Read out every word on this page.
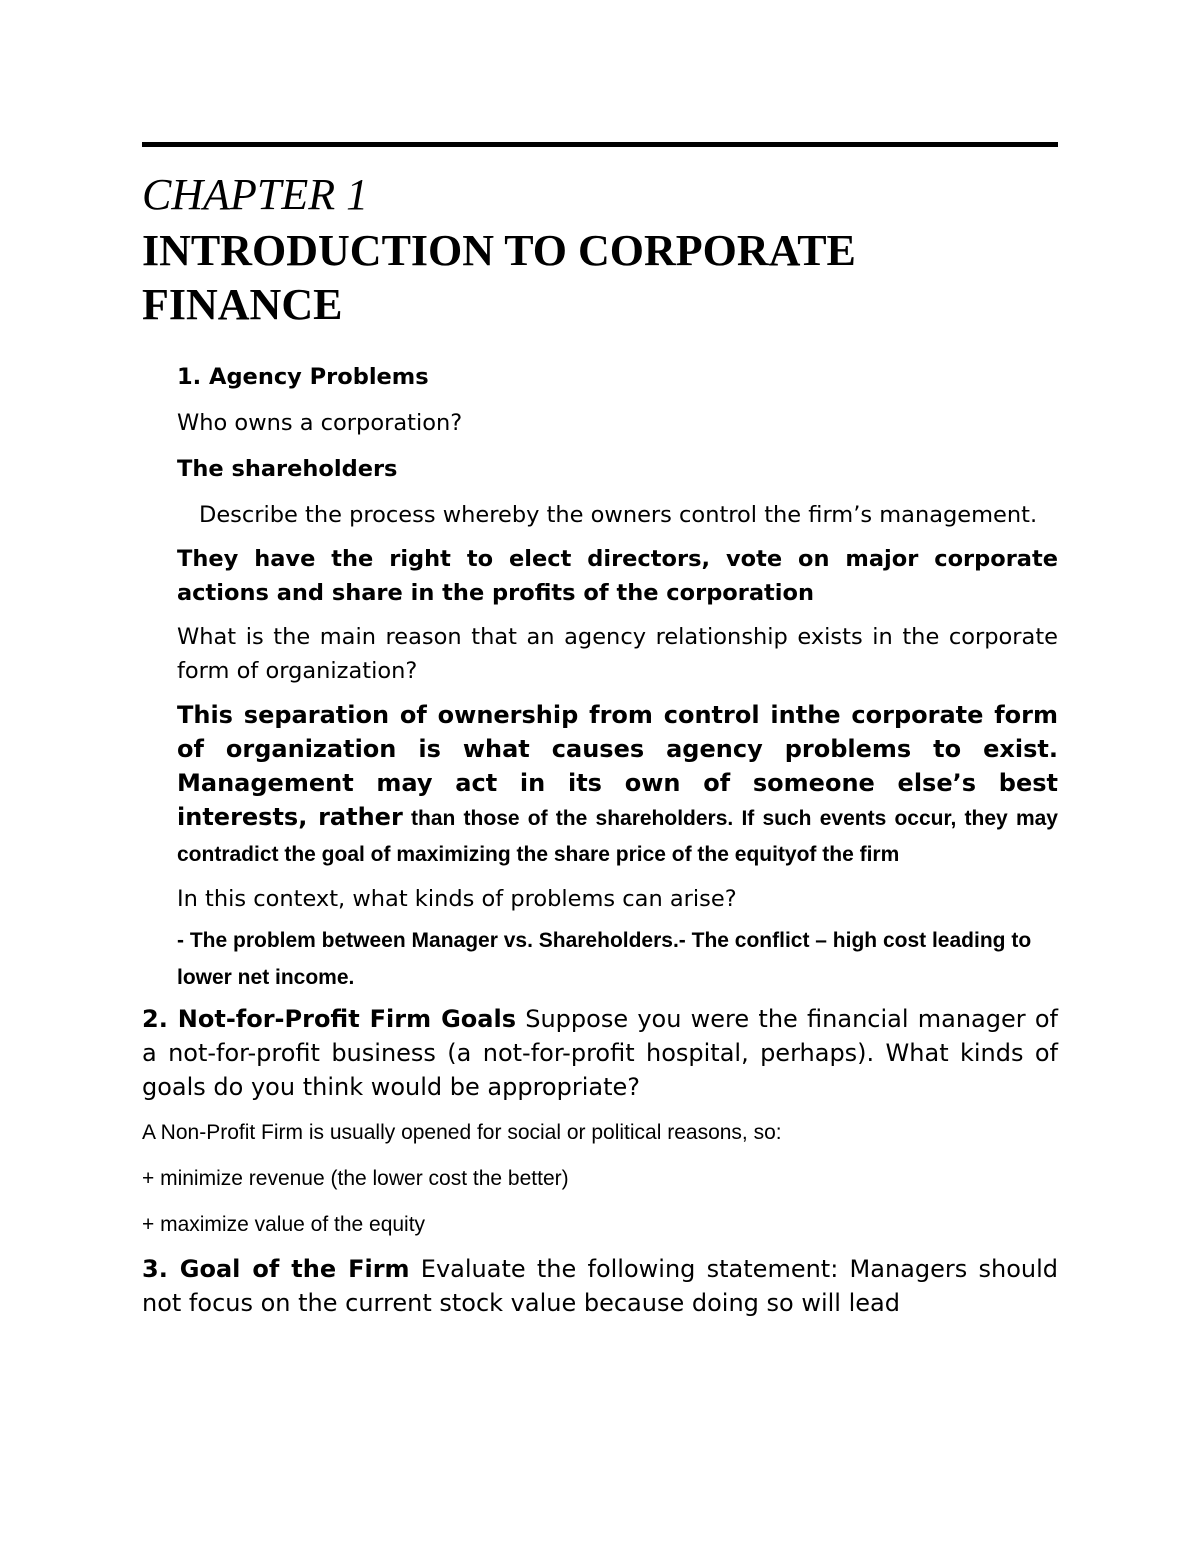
CHAPTER 1
INTRODUCTION TO CORPORATE FINANCE

1. Agency Problems

Who owns a corporation?

The shareholders

Describe the process whereby the owners control the firm’s management.

They have the right to elect directors, vote on major corporate actions and share in the profits of the corporation

What is the main reason that an agency relationship exists in the corporate form of organization?

This separation of ownership from control inthe corporate form of organization is what causes agency problems to exist. Management may act in its own of someone else’s best interests, rather than those of the shareholders. If such events occur, they may contradict the goal of maximizing the share price of the equityof the firm

In this context, what kinds of problems can arise?

- The problem between Manager vs. Shareholders.- The conflict – high cost leading to lower net income.

2. Not-for-Profit Firm Goals Suppose you were the financial manager of a not-for-profit business (a not-for-profit hospital, perhaps). What kinds of goals do you think would be appropriate?

A Non-Profit Firm is usually opened for social or political reasons, so:

+ minimize revenue (the lower cost the better)

+ maximize value of the equity

3. Goal of the Firm Evaluate the following statement: Managers should not focus on the current stock value because doing so will lead
